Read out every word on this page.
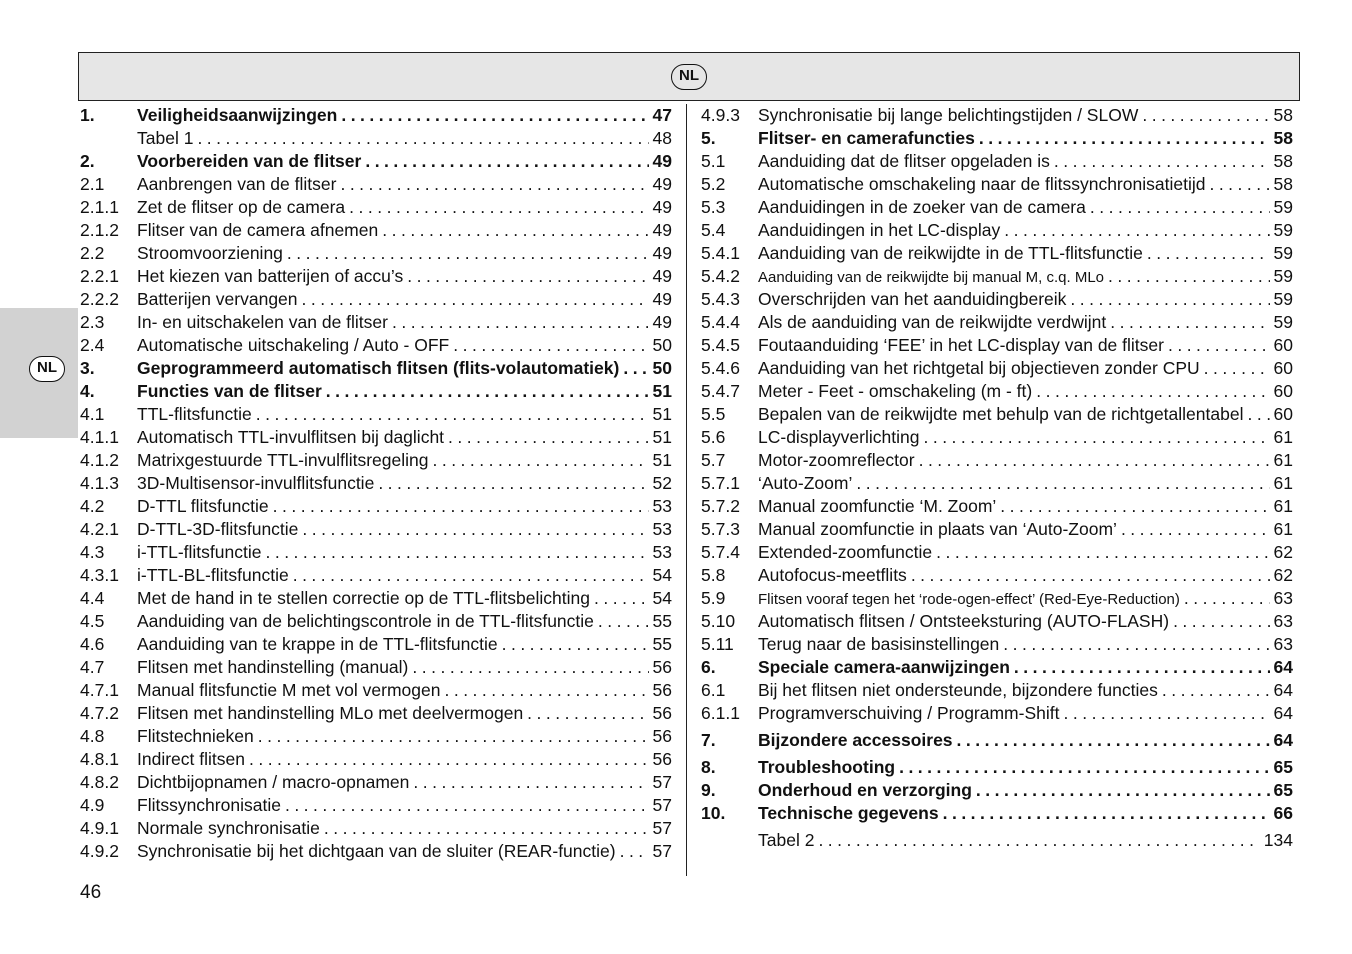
NL
NL
1.	Veiligheidsaanwijzingen .....	47
Tabel 1 .....	48
2.	Voorbereiden van de flitser .....	49
2.1	Aanbrengen van de flitser .....	49
2.1.1	Zet de flitser op de camera .....	49
2.1.2	Flitser van de camera afnemen .....	49
2.2	Stroomvoorziening .....	49
2.2.1	Het kiezen van batterijen of accu’s .....	49
2.2.2	Batterijen vervangen .....	49
2.3	In- en uitschakelen van de flitser .....	49
2.4	Automatische uitschakeling / Auto - OFF .....	50
3.	Geprogrammeerd automatisch flitsen (flits-volautomatiek) ..... 50
4.	Functies van de flitser .....	51
4.1	TTL-flitsfunctie .....	51
4.1.1	Automatisch TTL-invulflitsen bij daglicht .....	51
4.1.2	Matrixgestuurde TTL-invulflitsregeling .....	51
4.1.3	3D-Multisensor-invulflitsfunctie .....	52
4.2	D-TTL flitsfunctie .....	53
4.2.1	D-TTL-3D-flitsfunctie .....	53
4.3	i-TTL-flitsfunctie .....	53
4.3.1	i-TTL-BL-flitsfunctie .....	54
4.4	Met de hand in te stellen correctie op de TTL-flitsbelichting .....	54
4.5	Aanduiding van de belichtingscontrole in de TTL-flitsfunctie .....	55
4.6	Aanduiding van te krappe in de TTL-flitsfunctie .....	55
4.7	Flitsen met handinstelling (manual) .....	56
4.7.1	Manual flitsfunctie M met vol vermogen .....	56
4.7.2	Flitsen met handinstelling MLo met deelvermogen .....	56
4.8	Flitstechnieken .....	56
4.8.1	Indirect flitsen .....	56
4.8.2	Dichtbijopnamen / macro-opnamen .....	57
4.9	Flitssynchronisatie .....	57
4.9.1	Normale synchronisatie .....	57
4.9.2	Synchronisatie bij het dichtgaan van de sluiter (REAR-functie) ..... 57
4.9.3	Synchronisatie bij lange belichtingstijden / SLOW .....	58
5.	Flitser- en camerafuncties .....	58
5.1	Aanduiding dat de flitser opgeladen is .....	58
5.2	Automatische omschakeling naar de flitssynchronisatietijd .....	58
5.3	Aanduidingen in de zoeker van de camera .....	59
5.4	Aanduidingen in het LC-display .....	59
5.4.1	Aanduiding van de reikwijdte in de TTL-flitsfunctie .....	59
5.4.2	Aanduiding van de reikwijdte bij manual M, c.q. MLo .....	59
5.4.3	Overschrijden van het aanduidingbereik .....	59
5.4.4	Als de aanduiding van de reikwijdte verdwijnt .....	59
5.4.5	Foutaanduiding ‘FEE’ in het LC-display van de flitser .....	60
5.4.6	Aanduiding van het richtgetal bij objectieven zonder CPU .....	60
5.4.7	Meter - Feet - omschakeling (m - ft) .....	60
5.5	Bepalen van de reikwijdte met behulp van de richtgetallentabel ..... 60
5.6	LC-displayverlichting .....	61
5.7	Motor-zoomreflector .....	61
5.7.1	‘Auto-Zoom’ .....	61
5.7.2	Manual zoomfunctie ‘M. Zoom’ .....	61
5.7.3	Manual zoomfunctie in plaats van ‘Auto-Zoom’ .....	61
5.7.4	Extended-zoomfunctie .....	62
5.8	Autofocus-meetflits .....	62
5.9	Flitsen vooraf tegen het ‘rode-ogen-effect’ (Red-Eye-Reduction) .....	63
5.10	Automatisch flitsen / Ontsteeksturing (AUTO-FLASH) .....	63
5.11	Terug naar de basisinstellingen .....	63
6.	Speciale camera-aanwijzingen .....	64
6.1	Bij het flitsen niet ondersteunde, bijzondere functies .....	64
6.1.1	Programverschuiving / Programm-Shift .....	64
7.	Bijzondere accessoires .....	64
8.	Troubleshooting .....	65
9.	Onderhoud en verzorging .....	65
10.	Technische gegevens .....	66
Tabel 2 .....	134
46
